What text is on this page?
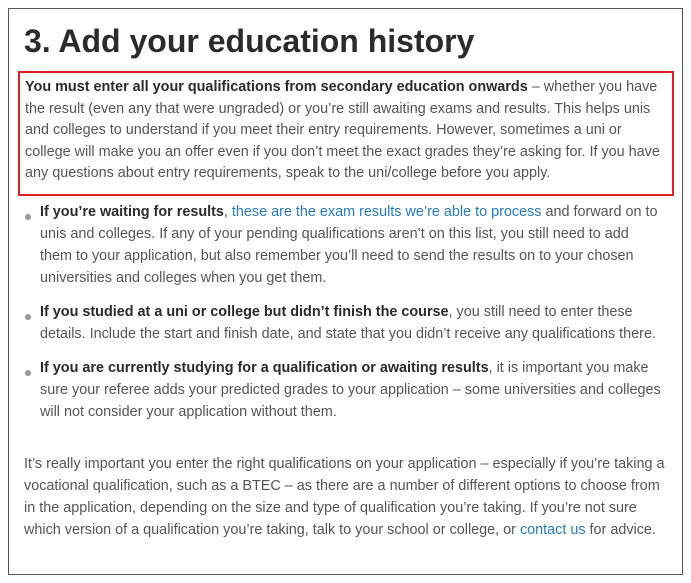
3. Add your education history
You must enter all your qualifications from secondary education onwards – whether you have the result (even any that were ungraded) or you’re still awaiting exams and results. This helps unis and colleges to understand if you meet their entry requirements. However, sometimes a uni or college will make you an offer even if you don’t meet the exact grades they’re asking for. If you have any questions about entry requirements, speak to the uni/college before you apply.
If you’re waiting for results, these are the exam results we’re able to process and forward on to unis and colleges. If any of your pending qualifications aren’t on this list, you still need to add them to your application, but also remember you’ll need to send the results on to your chosen universities and colleges when you get them.
If you studied at a uni or college but didn’t finish the course, you still need to enter these details. Include the start and finish date, and state that you didn’t receive any qualifications there.
If you are currently studying for a qualification or awaiting results, it is important you make sure your referee adds your predicted grades to your application – some universities and colleges will not consider your application without them.

It’s really important you enter the right qualifications on your application – especially if you’re taking a vocational qualification, such as a BTEC – as there are a number of different options to choose from in the application, depending on the size and type of qualification you’re taking. If you’re not sure which version of a qualification you’re taking, talk to your school or college, or contact us for advice.
